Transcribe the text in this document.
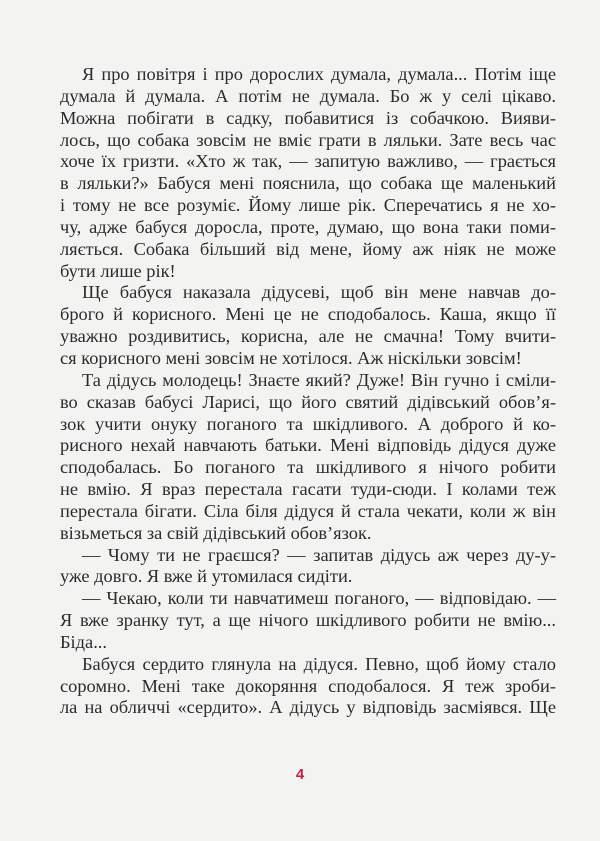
Я про повітря і про дорослих думала, думала... Потім іще
думала й думала. А потім не думала. Бо ж у селі цікаво.
Можна побігати в садку, побавитися із собачкою. Вияви-
лось, що собака зовсім не вміє грати в ляльки. Зате весь час
хоче їх гризти. «Хто ж так, — запитую важливо, — грається
в ляльки?» Бабуся мені пояснила, що собака ще маленький
і тому не все розуміє. Йому лише рік. Сперечатись я не хо-
чу, адже бабуся доросла, проте, думаю, що вона таки поми-
ляється. Собака більший від мене, йому аж ніяк не може
бути лише рік!
Ще бабуся наказала дідусеві, щоб він мене навчав до-
брого й корисного. Мені це не сподобалось. Каша, якщо її
уважно роздивитись, корисна, але не смачна! Тому вчити-
ся корисного мені зовсім не хотілося. Аж нiскільки зовсім!
Та дідусь молодець! Знаєте який? Дуже! Він гучно і сміли-
во сказав бабусі Ларисі, що його святий дідівський обов’я-
зок учити онуку поганого та шкідливого. А доброго й ко-
рисного нехай навчають батьки. Мені відповідь дідуся дуже
сподобалась. Бо поганого та шкідливого я нічого робити
не вмію. Я враз перестала гасати туди-сюди. І колами теж
перестала бігати. Сіла біля дідуся й стала чекати, коли ж він
візьметься за свій дідівський обов’язок.
— Чому ти не граєшся? — запитав дідусь аж через ду-у-
уже довго. Я вже й утомилася сидіти.
— Чекаю, коли ти навчатимеш поганого, — відповідаю. —
Я вже зранку тут, а ще нічого шкідливого робити не вмію...
Біда...
Бабуся сердито глянула на дідуся. Певно, щоб йому стало
соромно. Мені таке докоряння сподобалося. Я теж зроби-
ла на обличчі «сердито». А дідусь у відповідь засміявся. Ще
4
